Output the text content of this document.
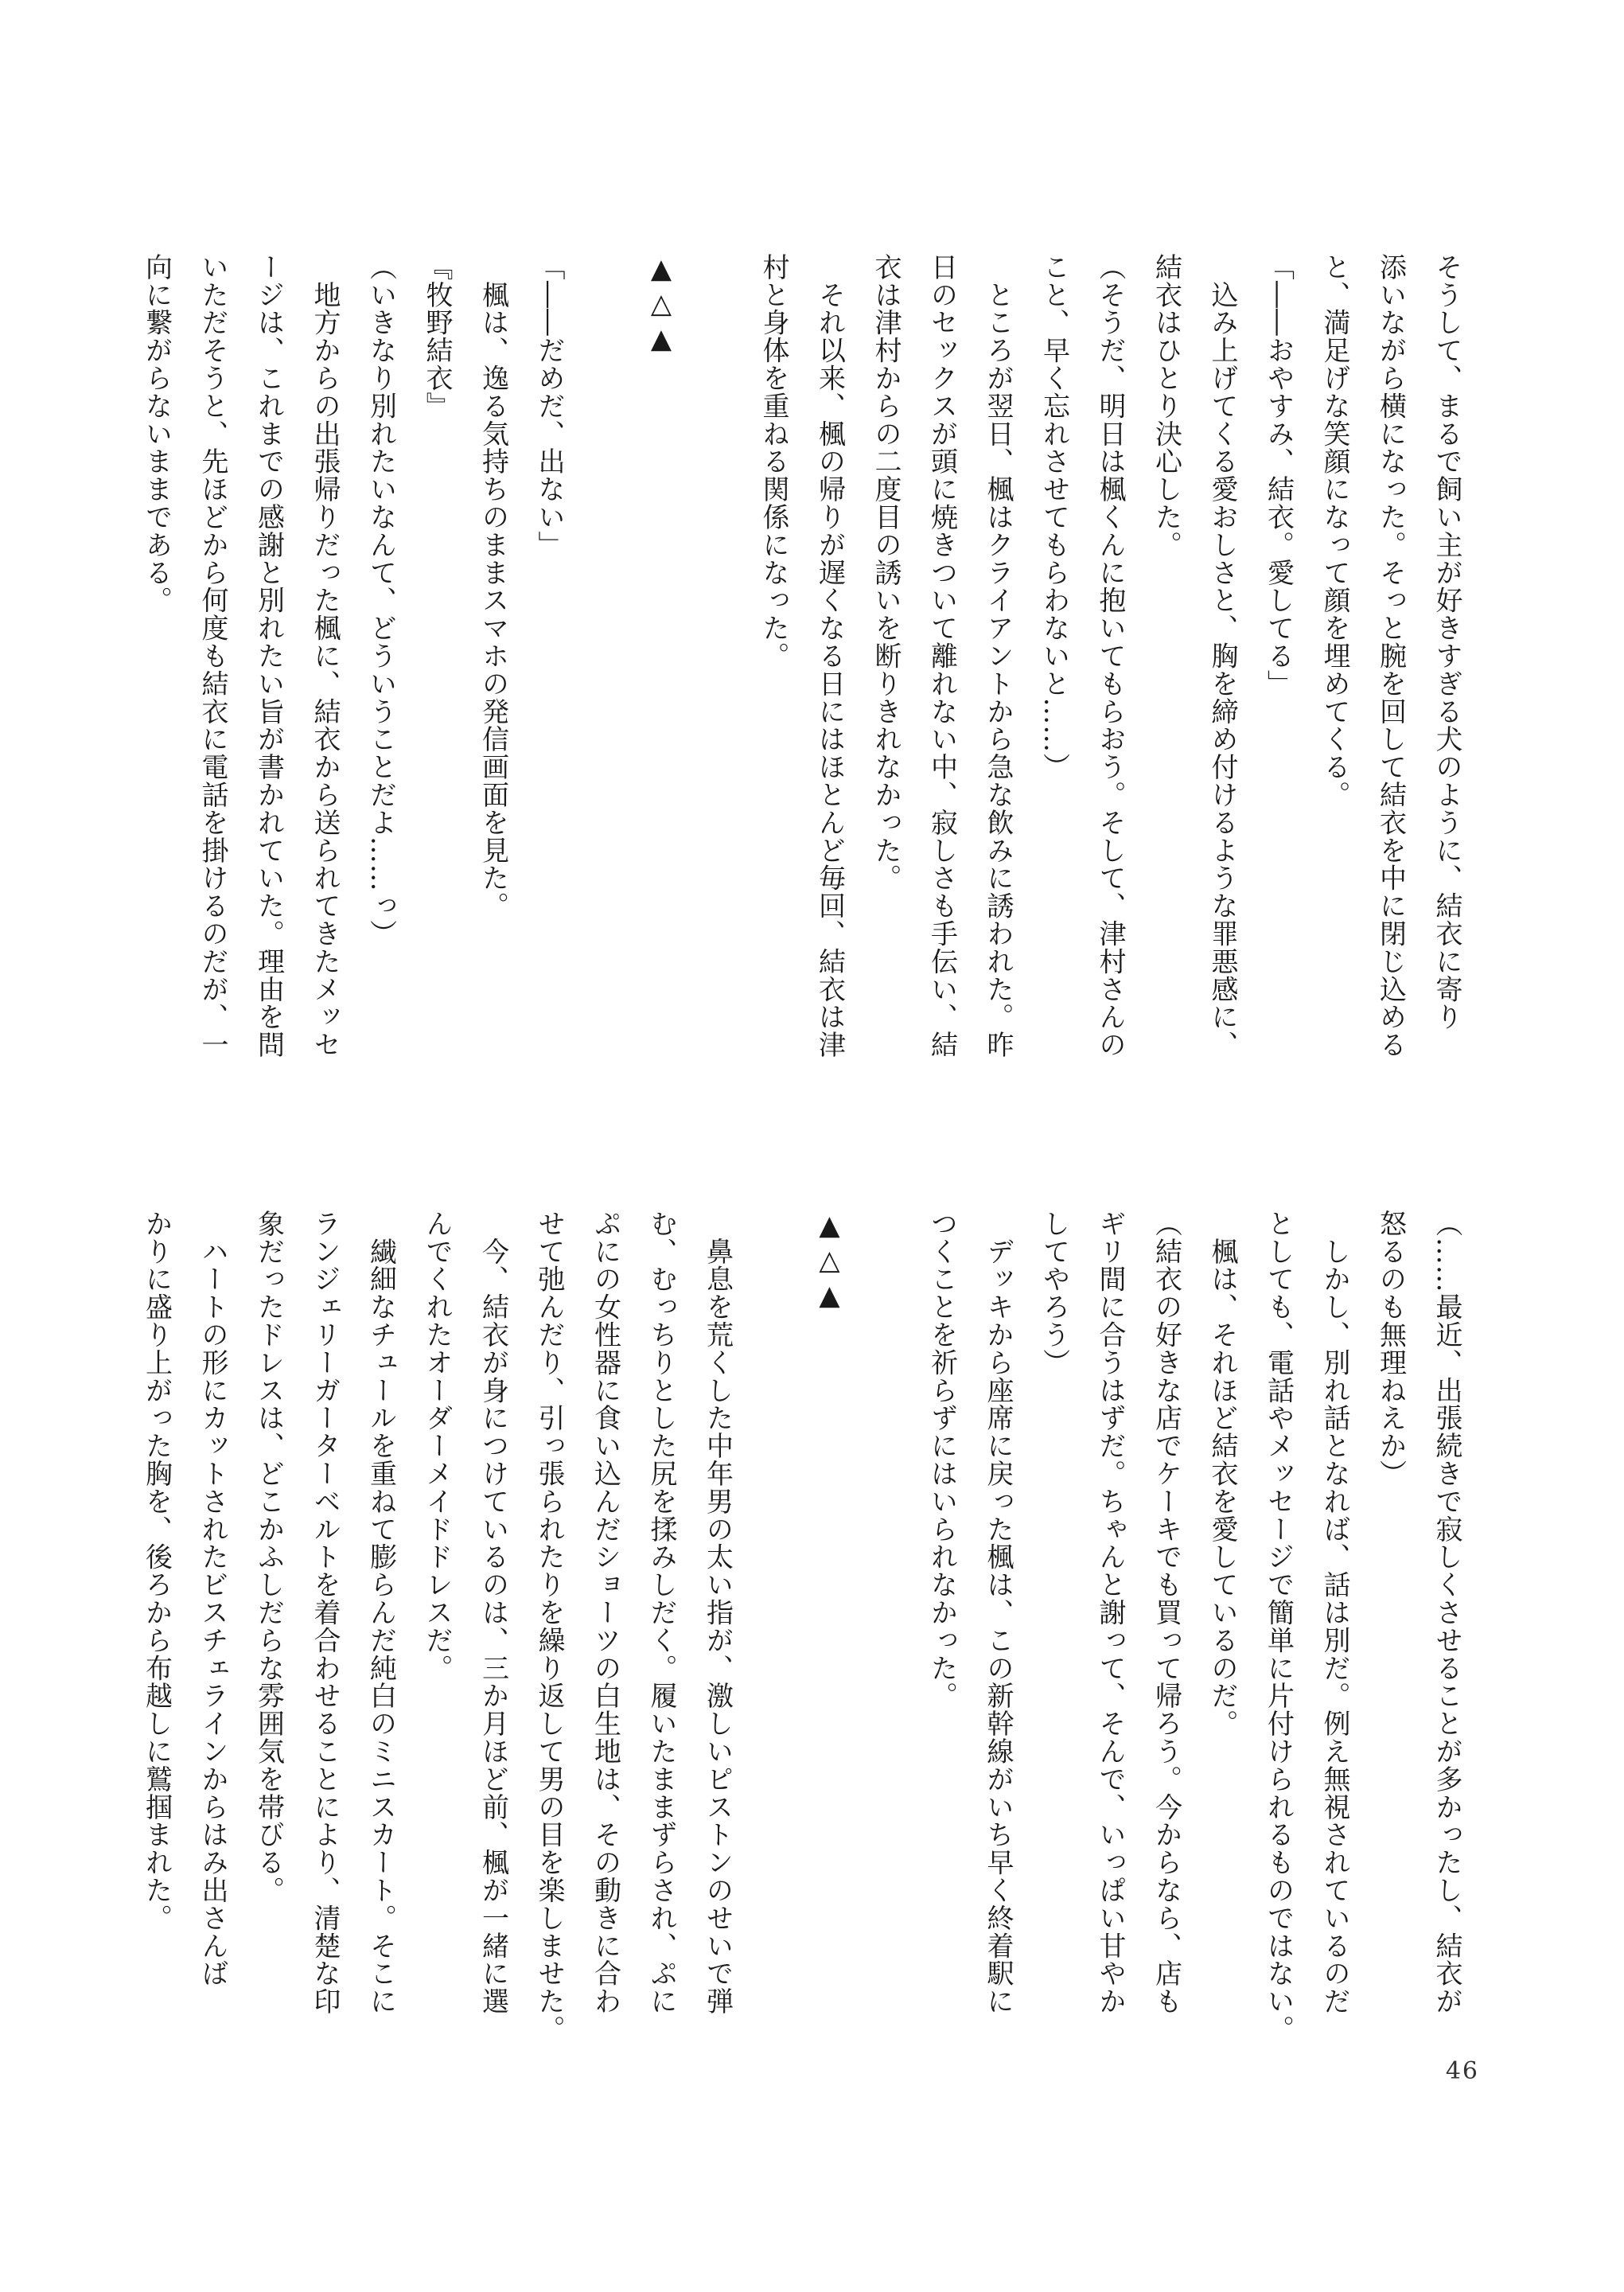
そうして、まるで飼い主が好きすぎる犬のように、結衣に寄り

添いながら横になった。そっと腕を回して結衣を中に閉じ込める

と、満足げな笑顔になって顔を埋めてくる。

「――おやすみ、結衣。愛してる」

　込み上げてくる愛おしさと、胸を締め付けるような罪悪感に、

結衣はひとり決心した。

（そうだ、明日は楓くんに抱いてもらおう。そして、津村さんの

こと、早く忘れさせてもらわないと……）

　ところが翌日、楓はクライアントから急な飲みに誘われた。昨

日のセックスが頭に焼きついて離れない中、寂しさも手伝い、結

衣は津村からの二度目の誘いを断りきれなかった。

　それ以来、楓の帰りが遅くなる日にはほとんど毎回、結衣は津

村と身体を重ねる関係になった。

▲△▲

「――だめだ、出ない」

　楓は、逸る気持ちのままスマホの発信画面を見た。

『牧野結衣』

（いきなり別れたいなんて、どういうことだよ……っ）

　地方からの出張帰りだった楓に、結衣から送られてきたメッセ

ージは、これまでの感謝と別れたい旨が書かれていた。理由を問

いただそうと、先ほどから何度も結衣に電話を掛けるのだが、一

向に繋がらないままである。

（……最近、出張続きで寂しくさせることが多かったし、結衣が

怒るのも無理ねえか）

　しかし、別れ話となれば、話は別だ。例え無視されているのだ

としても、電話やメッセージで簡単に片付けられるものではない。

　楓は、それほど結衣を愛しているのだ。

（結衣の好きな店でケーキでも買って帰ろう。今からなら、店も

ギリ間に合うはずだ。ちゃんと謝って、そんで、いっぱい甘やか

してやろう）

　デッキから座席に戻った楓は、この新幹線がいち早く終着駅に

つくことを祈らずにはいられなかった。

▲△▲

　鼻息を荒くした中年男の太い指が、激しいピストンのせいで弾

む、むっちりとした尻を揉みしだく。履いたままずらされ、ぷに

ぷにの女性器に食い込んだショーツの白生地は、その動きに合わ

せて弛んだり、引っ張られたりを繰り返して男の目を楽しませた。

　今、結衣が身につけているのは、三か月ほど前、楓が一緒に選

んでくれたオーダーメイドドレスだ。

　繊細なチュールを重ねて膨らんだ純白のミニスカート。そこに

ランジェリーガーターベルトを着合わせることにより、清楚な印

象だったドレスは、どこかふしだらな雰囲気を帯びる。

　ハートの形にカットされたビスチェラインからはみ出さんば

かりに盛り上がった胸を、後ろから布越しに鷲掴まれた。

46
